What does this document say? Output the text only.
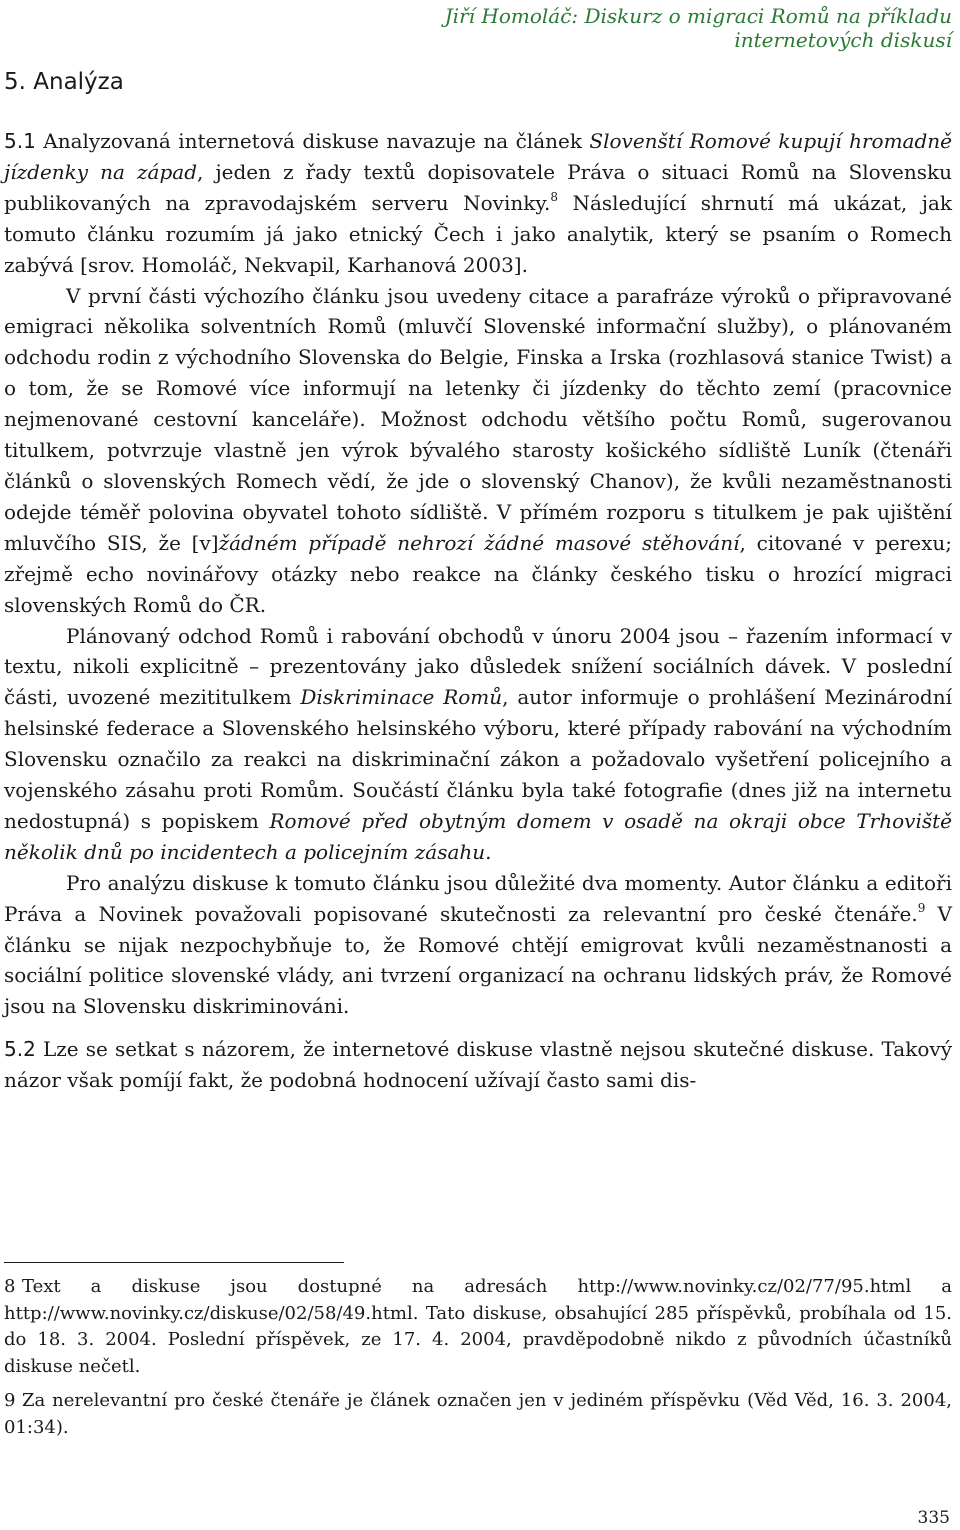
Jiří Homoláč: Diskurz o migraci Romů na příkladu internetových diskusí
5. Analýza

5.1 Analyzovaná internetová diskuse navazuje na článek Slovenští Romové kupují hromadně jízdenky na západ, jeden z řady textů dopisovatele Práva o situaci Romů na Slovensku publikovaných na zpravodajském serveru Novinky.$^8$ Následující shrnutí má ukázat, jak tomuto článku rozumím já jako etnický Čech i jako analytik, který se psaním o Romech zabývá [srov. Homoláč, Nekvapil, Karhanová 2003].

V první části výchozího článku jsou uvedeny citace a parafráze výroků o připravované emigraci několika solventních Romů (mluvčí Slovenské informační služby), o plánovaném odchodu rodin z východního Slovenska do Belgie, Finska a Irska (rozhlasová stanice Twist) a o tom, že se Romové více informují na letenky či jízdenky do těchto zemí (pracovnice nejmenované cestovní kanceláře). Možnost odchodu většího počtu Romů, sugerovanou titulkem, potvrzuje vlastně jen výrok bývalého starosty košického sídliště Luník (čtenáři článků o slovenských Romech vědí, že jde o slovenský Chanov), že kvůli nezaměstnanosti odejde téměř polovina obyvatel tohoto sídliště. V přímém rozporu s titulkem je pak ujištění mluvčího SIS, že [v]žádném případě nehrozí žádné masové stěhování, citované v perexu; zřejmě echo novinářovy otázky nebo reakce na články českého tisku o hrozící migraci slovenských Romů do ČR.

Plánovaný odchod Romů i rabování obchodů v únoru 2004 jsou – řazením informací v textu, nikoli explicitně – prezentovány jako důsledek snížení sociálních dávek. V poslední části, uvozené mezititulkem Diskriminace Romů, autor informuje o prohlášení Mezinárodní helsinské federace a Slovenského helsinského výboru, které případy rabování na východním Slovensku označilo za reakci na diskriminační zákon a požadovalo vyšetření policejního a vojenského zásahu proti Romům. Součástí článku byla také fotografie (dnes již na internetu nedostupná) s popiskem Romové před obytným domem v osadě na okraji obce Trhoviště několik dnů po incidentech a policejním zásahu.

Pro analýzu diskuse k tomuto článku jsou důležité dva momenty. Autor článku a editoři Práva a Novinek považovali popisované skutečnosti za relevantní pro české čtenáře.$^9$ V článku se nijak nezpochybňuje to, že Romové chtějí emigrovat kvůli nezaměstnanosti a sociální politice slovenské vlády, ani tvrzení organizací na ochranu lidských práv, že Romové jsou na Slovensku diskriminováni.

5.2 Lze se setkat s názorem, že internetové diskuse vlastně nejsou skutečné diskuse. Takový názor však pomíjí fakt, že podobná hodnocení užívají často sami dis-

8 Text a diskuse jsou dostupné na adresách http://www.novinky.cz/02/77/95.html a http://www.novinky.cz/diskuse/02/58/49.html. Tato diskuse, obsahující 285 příspěvků, probíhala od 15. do 18. 3. 2004. Poslední příspěvek, ze 17. 4. 2004, pravděpodobně nikdo z původních účastníků diskuse nečetl.

9 Za nerelevantní pro české čtenáře je článek označen jen v jediném příspěvku (Věd Věd, 16. 3. 2004, 01:34).

335
